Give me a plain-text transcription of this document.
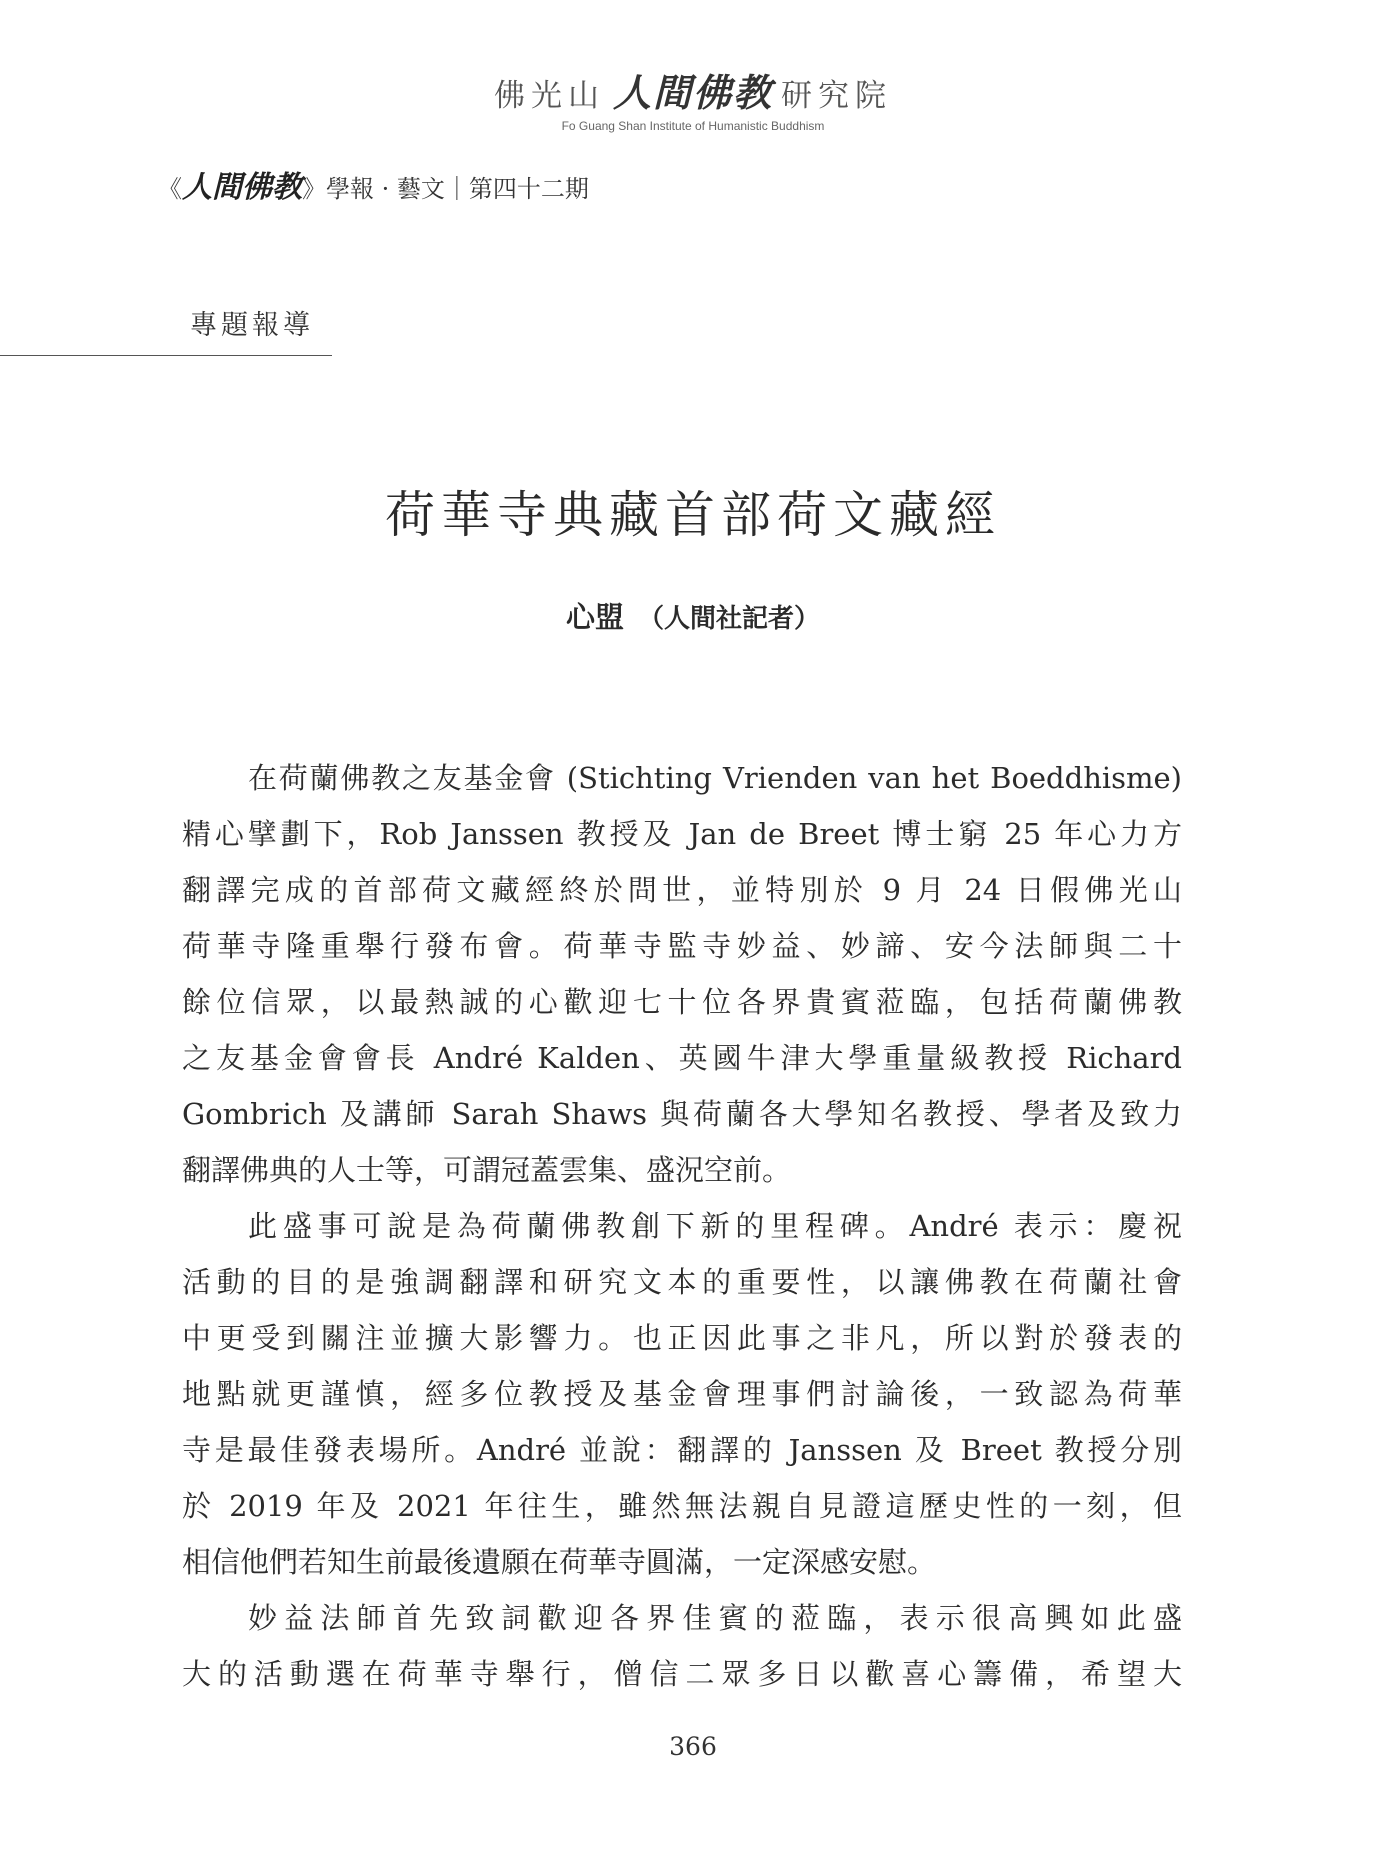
佛光山 人間佛教 研究院
Fo Guang Shan Institute of Humanistic Buddhism
《人間佛教》學報 · 藝文｜第四十二期
專題報導
荷華寺典藏首部荷文藏經
心盟 （人間社記者）
在荷蘭佛教之友基金會 (Stichting Vrienden van het Boeddhisme)
精心擘劃下，Rob Janssen 教授及 Jan de Breet 博士窮 25 年心力方
翻譯完成的首部荷文藏經終於問世，並特別於 9 月 24 日假佛光山
荷華寺隆重舉行發布會。荷華寺監寺妙益、妙諦、安今法師與二十
餘位信眾，以最熱誠的心歡迎七十位各界貴賓蒞臨，包括荷蘭佛教
之友基金會會長 André Kalden、英國牛津大學重量級教授 Richard
Gombrich 及講師 Sarah Shaws 與荷蘭各大學知名教授、學者及致力
翻譯佛典的人士等，可謂冠蓋雲集、盛況空前。
此盛事可說是為荷蘭佛教創下新的里程碑。André 表示：慶祝
活動的目的是強調翻譯和研究文本的重要性，以讓佛教在荷蘭社會
中更受到關注並擴大影響力。也正因此事之非凡，所以對於發表的
地點就更謹慎，經多位教授及基金會理事們討論後，一致認為荷華
寺是最佳發表場所。André 並說：翻譯的 Janssen 及 Breet 教授分別
於 2019 年及 2021 年往生，雖然無法親自見證這歷史性的一刻，但
相信他們若知生前最後遺願在荷華寺圓滿，一定深感安慰。
妙益法師首先致詞歡迎各界佳賓的蒞臨，表示很高興如此盛
大的活動選在荷華寺舉行，僧信二眾多日以歡喜心籌備，希望大
366
